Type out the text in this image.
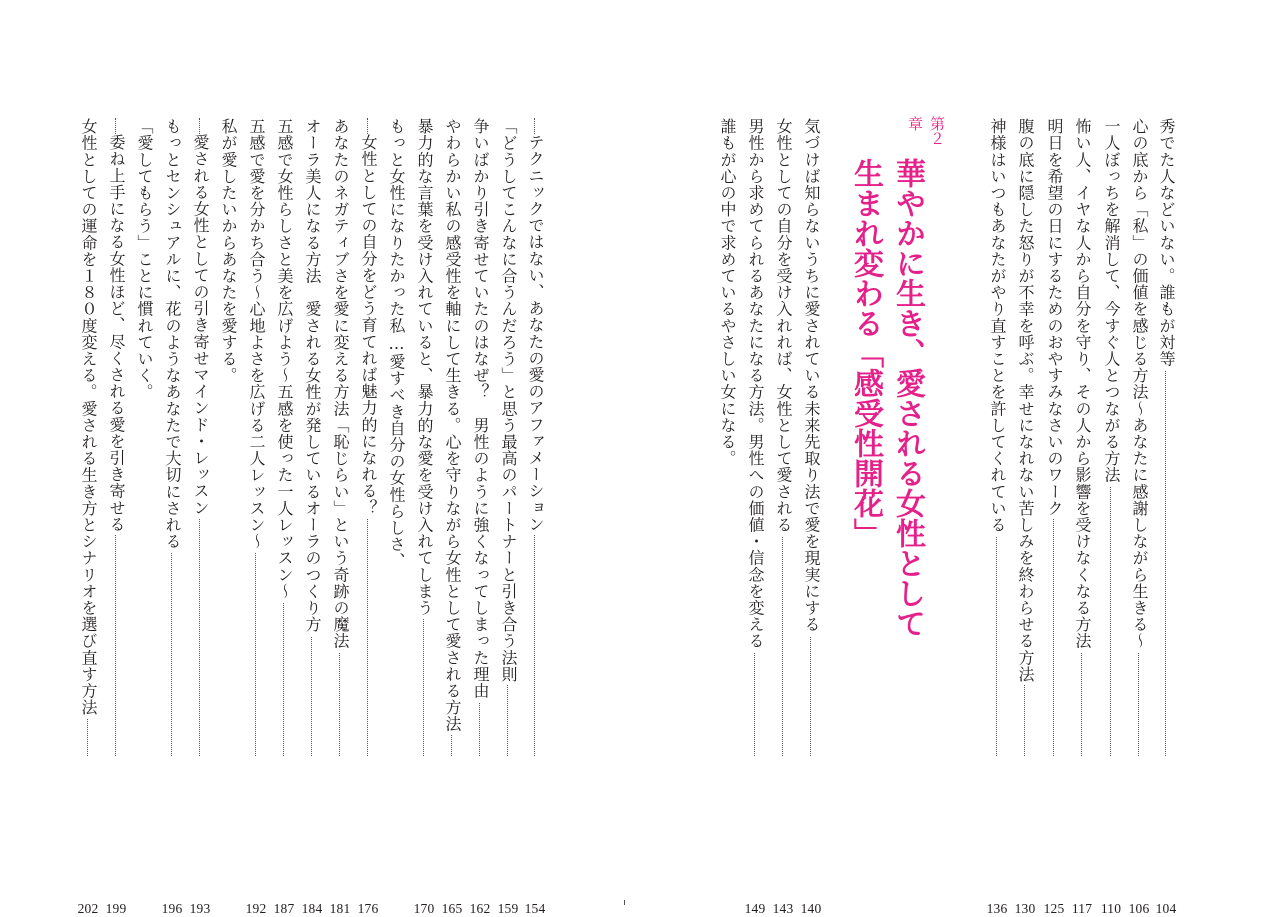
第２章
華やかに生き、愛される女性として
生まれ変わる「感受性開花」	秀でた人などいない。誰もが対等
104
心の底から「私」の価値を感じる方法〜あなたに感謝しながら生きる〜
106
一人ぼっちを解消して、今すぐ人とつながる方法
110
怖い人、イヤな人から自分を守り、その人から影響を受けなくなる方法
117
明日を希望の日にするためのおやすみなさいのワーク
125
腹の底に隠した怒りが不幸を呼ぶ。幸せになれない苦しみを終わらせる方法
130
神様はいつもあなたがやり直すことを許してくれている
136
気づけば知らないうちに愛されている未来先取り法で愛を現実にする
140
女性としての自分を受け入れれば、女性として愛される
143
男性から求めてられるあなたになる方法。男性への価値・信念を変える
149
誰もが心の中で求めているやさしい女になる。
テクニックではない、あなたの愛のアファメーション
154
「どうしてこんなに合うんだろう」と思う最高のパートナーと引き合う法則
159
争いばかり引き寄せていたのはなぜ？　男性のように強くなってしまった理由
162
やわらかい私の感受性を軸にして生きる。心を守りながら女性として愛される方法
165
暴力的な言葉を受け入れていると、暴力的な愛を受け入れてしまう
170
もっと女性になりたかった私…愛すべき自分の女性らしさ、
女性としての自分をどう育てれば魅力的になれる？
176
あなたのネガティブさを愛に変える方法「恥じらい」という奇跡の魔法
181
オーラ美人になる方法　愛される女性が発しているオーラのつくり方
184
五感で女性らしさと美を広げよう〜五感を使った一人レッスン〜
187
五感で愛を分かち合う〜心地よさを広げる二人レッスン〜
192
私が愛したいからあなたを愛する。
愛される女性としての引き寄せマインド・レッスン
193
もっとセンシュアルに、花のようなあなたで大切にされる
196
「愛してもらう」ことに慣れていく。
委ね上手になる女性ほど、尽くされる愛を引き寄せる
199
女性としての運命を１８０度変える。愛される生き方とシナリオを選び直す方法
202
